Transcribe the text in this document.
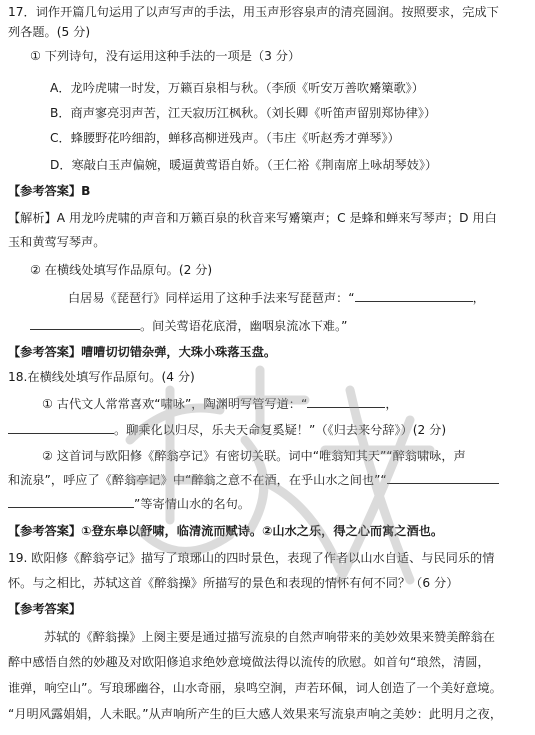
17．词作开篇几句运用了以声写声的手法，用玉声形容泉声的清亮圆润。按照要求，完成下
列各题。(5 分)
① 下列诗句，没有运用这种手法的一项是（3 分）
A．龙吟虎啸一时发，万籁百泉相与秋。（李颀《听安万善吹觱篥歌》）
B．商声寥亮羽声苦，江天寂历江枫秋。（刘长卿《听笛声留别郑协律》）
C．蜂腰野花吟细韵，蝉移高柳迸残声。（韦庄《听赵秀才弹琴》）
D．寒敲白玉声偏婉，暖逼黄莺语自娇。（王仁裕《荆南席上咏胡琴妓》）
【参考答案】B
【解析】A 用龙吟虎啸的声音和万籁百泉的秋音来写觱篥声；C 是蜂和蝉来写琴声；D 用白
玉和黄莺写琴声。
② 在横线处填写作品原句。(2 分)
白居易《琵琶行》同样运用了这种手法来写琵琶声：“	，
。间关莺语花底滑，幽咽泉流冰下难。”
【参考答案】嘈嘈切切错杂弹，大珠小珠落玉盘。
18.在横线处填写作品原句。(4 分)
① 古代文人常常喜欢“啸咏”，陶渊明写管写道：“	，
。聊乘化以归尽，乐夫天命复奚疑！”（《归去来兮辞》）(2 分)
② 这首词与欧阳修《醉翁亭记》有密切关联。词中“唯翁知其天”“醉翁啸咏，声
和流泉”，呼应了《醉翁亭记》中“醉翁之意不在酒，在乎山水之间也”“
”等寄情山水的名句。
【参考答案】①登东皋以舒啸，临清流而赋诗。②山水之乐，得之心而寓之酒也。
19. 欧阳修《醉翁亭记》描写了琅琊山的四时景色，表现了作者以山水自适、与民同乐的情
怀。与之相比，苏轼这首《醉翁操》所描写的景色和表现的情怀有何不同？（6 分）
【参考答案】
苏轼的《醉翁操》上阕主要是通过描写流泉的自然声响带来的美妙效果来赞美醉翁在
醉中感悟自然的妙趣及对欧阳修追求绝妙意境做法得以流传的欣慰。如首句“琅然，清圆，
谁弹，响空山”。写琅琊幽谷，山水奇丽，泉鸣空涧，声若环佩，词人创造了一个美好意境。
“月明风露娟娟，人未眠。”从声响所产生的巨大感人效果来写流泉声响之美妙：此明月之夜，
